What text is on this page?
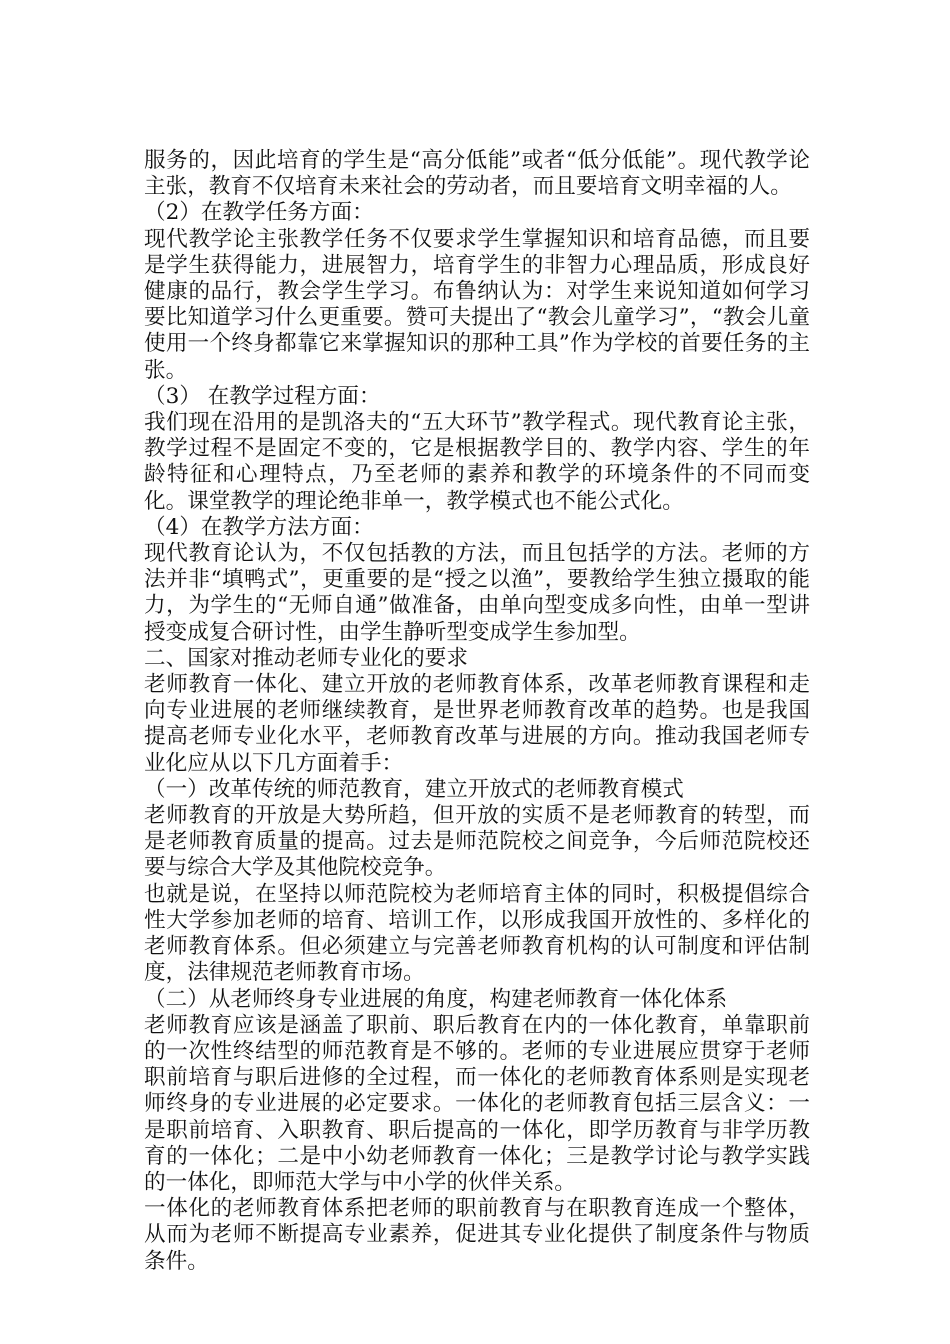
服务的，因此培育的学生是“高分低能”或者“低分低能”。现代教学论主张，教育不仅培育未来社会的劳动者，而且要培育文明幸福的人。

（2）在教学任务方面：

现代教学论主张教学任务不仅要求学生掌握知识和培育品德，而且要是学生获得能力，进展智力，培育学生的非智力心理品质，形成良好健康的品行，教会学生学习。布鲁纳认为：对学生来说知道如何学习要比知道学习什么更重要。赞可夫提出了“教会儿童学习”，“教会儿童使用一个终身都靠它来掌握知识的那种工具”作为学校的首要任务的主张。

（3） 在教学过程方面：

我们现在沿用的是凯洛夫的“五大环节”教学程式。现代教育论主张，教学过程不是固定不变的，它是根据教学目的、教学内容、学生的年龄特征和心理特点，乃至老师的素养和教学的环境条件的不同而变化。课堂教学的理论绝非单一，教学模式也不能公式化。

（4）在教学方法方面：

现代教育论认为，不仅包括教的方法，而且包括学的方法。老师的方法并非“填鸭式”，更重要的是“授之以渔”，要教给学生独立摄取的能力，为学生的“无师自通”做准备，由单向型变成多向性，由单一型讲授变成复合研讨性，由学生静听型变成学生参加型。

二、国家对推动老师专业化的要求

老师教育一体化、建立开放的老师教育体系，改革老师教育课程和走向专业进展的老师继续教育，是世界老师教育改革的趋势。也是我国提高老师专业化水平，老师教育改革与进展的方向。推动我国老师专业化应从以下几方面着手：

（一）改革传统的师范教育，建立开放式的老师教育模式

老师教育的开放是大势所趋，但开放的实质不是老师教育的转型，而是老师教育质量的提高。过去是师范院校之间竞争，今后师范院校还要与综合大学及其他院校竞争。

也就是说，在坚持以师范院校为老师培育主体的同时，积极提倡综合性大学参加老师的培育、培训工作，以形成我国开放性的、多样化的老师教育体系。但必须建立与完善老师教育机构的认可制度和评估制度，法律规范老师教育市场。

（二）从老师终身专业进展的角度，构建老师教育一体化体系

老师教育应该是涵盖了职前、职后教育在内的一体化教育，单靠职前的一次性终结型的师范教育是不够的。老师的专业进展应贯穿于老师职前培育与职后进修的全过程，而一体化的老师教育体系则是实现老师终身的专业进展的必定要求。一体化的老师教育包括三层含义：一是职前培育、入职教育、职后提高的一体化，即学历教育与非学历教育的一体化；二是中小幼老师教育一体化；三是教学讨论与教学实践的一体化，即师范大学与中小学的伙伴关系。

一体化的老师教育体系把老师的职前教育与在职教育连成一个整体，从而为老师不断提高专业素养，促进其专业化提供了制度条件与物质条件。
